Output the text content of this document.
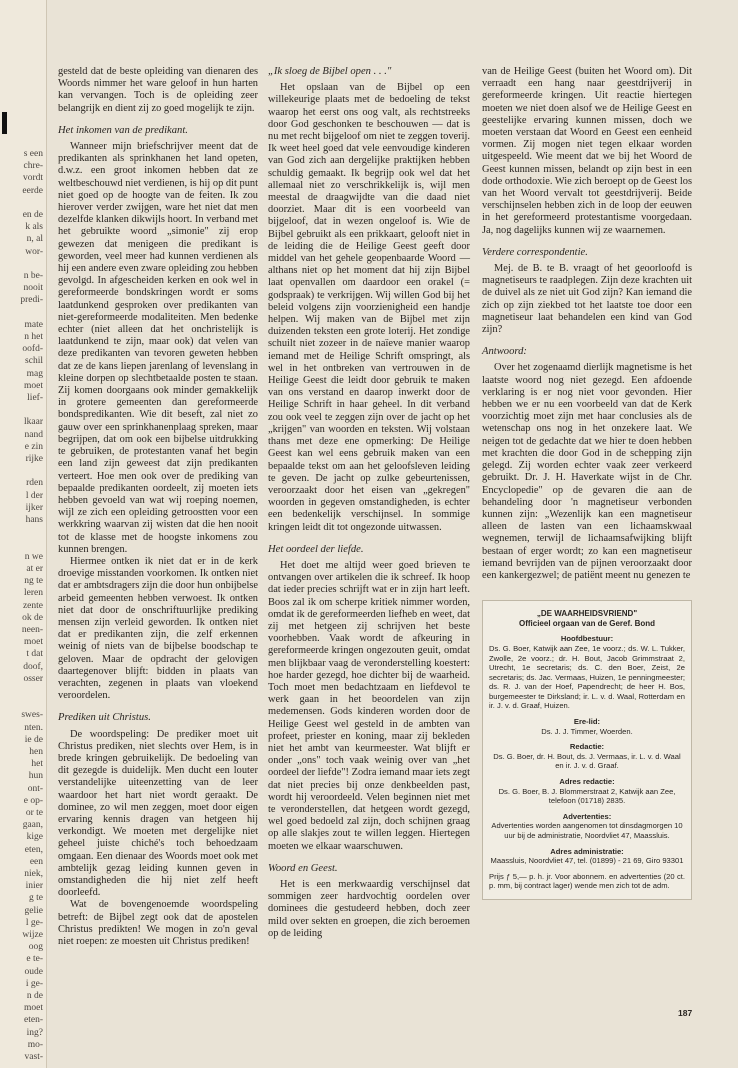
s een
chre-
vordt
eerde

en de
k als
n, al
wor-

n be-
nooit
predi-

mate
n het
oofd-
schil
mag
moet
lief-

lkaar
nand
e zin
rijke

rden
l der
ijker
hans

n we
at er
ng te
leren
zente
ok de
neen-
moet
t dat
doof,
osser

swes-
nten.
ie de
hen
het
hun
ont-
e op-
or te
gaan,
kige
eten,
een
niek,
inier
g te
gelie
l ge-
wijze
oog
e te-
oude
i ge-
n de
moet
eten-
ing?
mo-
vast-

gesteld dat de beste opleiding van dienaren des Woords nimmer het ware geloof in hun harten kan vervangen. Toch is de opleiding zeer belangrijk en dient zij zo goed mogelijk te zijn.

Het inkomen van de predikant.

Wanneer mijn briefschrijver meent dat de predikanten als sprinkhanen het land opeten, d.w.z. een groot inkomen hebben dat ze weltbeschouwd niet verdienen, is hij op dit punt niet goed op de hoogte van de feiten. Ik zou hierover verder zwijgen, ware het niet dat men dezelfde klanken dikwijls hoort. In verband met het gebruikte woord „simonie" zij erop gewezen dat menigeen die predikant is geworden, veel meer had kunnen verdienen als hij een andere even zware opleiding zou hebben gevolgd. In afgescheiden kerken en ook wel in gereformeerde bondskringen wordt er soms laatdunkend gesproken over predikanten van niet-gereformeerde modaliteiten. Men bedenke echter (niet alleen dat het onchristelijk is laatdunkend te zijn, maar ook) dat velen van deze predikanten van tevoren geweten hebben dat ze de kans liepen jarenlang of levenslang in kleine dorpen op slechtbetaalde posten te staan. Zij komen doorgaans ook minder gemakkelijk in grotere gemeenten dan gereformeerde bondspredikanten. Wie dit beseft, zal niet zo gauw over een sprinkhanenplaag spreken, maar begrijpen, dat om ook een bijbelse uitdrukking te gebruiken, de protestanten vanaf het begin een land zijn geweest dat zijn predikanten verteert. Hoe men ook over de prediking van bepaalde predikanten oordeelt, zij moeten iets hebben gevoeld van wat wij roeping noemen, wijl ze zich een opleiding getroostten voor een werkkring waarvan zij wisten dat die hen nooit tot de klasse met de hoogste inkomens zou kunnen brengen.

Hiermee ontken ik niet dat er in de kerk droevige misstanden voorkomen. Ik ontken niet dat er ambtsdragers zijn die door hun onbijbelse arbeid gemeenten hebben verwoest. Ik ontken niet dat door de onschriftuurlijke prediking mensen zijn verleid geworden. Ik ontken niet dat er predikanten zijn, die zelf erkennen weinig of niets van de bijbelse boodschap te geloven. Maar de opdracht der gelovigen daartegenover blijft: bidden in plaats van verachten, zegenen in plaats van vloekend veroordelen.

Prediken uit Christus.

De woordspeling: De prediker moet uit Christus prediken, niet slechts over Hem, is in brede kringen gebruikelijk. De bedoeling van dit gezegde is duidelijk. Men ducht een louter verstandelijke uiteenzetting van de leer waardoor het hart niet wordt geraakt. De dominee, zo wil men zeggen, moet door eigen ervaring kennis dragen van hetgeen hij verkondigt. We moeten met dergelijke niet geheel juiste chiché's toch behoedzaam omgaan. Een dienaar des Woords moet ook met ambtelijk gezag leiding kunnen geven in omstandigheden die hij niet zelf heeft doorleefd.

Wat de bovengenoemde woordspeling betreft: de Bijbel zegt ook dat de apostelen Christus predikten! We mogen in zo'n geval niet roepen: ze moesten uit Christus prediken!

„Ik sloeg de Bijbel open . . ."

Het opslaan van de Bijbel op een willekeurige plaats met de bedoeling de tekst waarop het eerst ons oog valt, als rechtstreeks door God geschonken te beschouwen — dat is nu met recht bijgeloof om niet te zeggen toverij. Ik weet heel goed dat vele eenvoudige kinderen van God zich aan dergelijke praktijken hebben schuldig gemaakt. Ik begrijp ook wel dat het allemaal niet zo verschrikkelijk is, wijl men meestal de draagwijdte van die daad niet doorziet. Maar dit is een voorbeeld van bijgeloof, dat in wezen ongeloof is. Wie de Bijbel gebruikt als een prikkaart, gelooft niet in de leiding die de Heilige Geest geeft door middel van het gehele geopenbaarde Woord — althans niet op het moment dat hij zijn Bijbel laat openvallen om daardoor een orakel (= godspraak) te verkrijgen. Wij willen God bij het beleid volgens zijn voorzienigheid een handje helpen. Wij maken van de Bijbel met zijn duizenden teksten een grote loterij. Het zondige schuilt niet zozeer in de naïeve manier waarop iemand met de Heilige Schrift omspringt, als wel in het ontbreken van vertrouwen in de Heilige Geest die leidt door gebruik te maken van ons verstand en daarop inwerkt door de Heilige Schrift in haar geheel. In dit verband zou ook veel te zeggen zijn over de jacht op het „krijgen" van woorden en teksten. Wij volstaan thans met deze ene opmerking: De Heilige Geest kan wel eens gebruik maken van een bepaalde tekst om aan het geloofsleven leiding te geven. De jacht op zulke gebeurtenissen, veroorzaakt door het eisen van „gekregen" woorden in gegeven omstandigheden, is echter een bedenkelijk verschijnsel. In sommige kringen leidt dit tot ongezonde uitwassen.

Het oordeel der liefde.

Het doet me altijd weer goed brieven te ontvangen over artikelen die ik schreef. Ik hoop dat ieder precies schrijft wat er in zijn hart leeft. Boos zal ik om scherpe kritiek nimmer worden, omdat ik de gereformeerden liefheb en weet, dat zij met hetgeen zij schrijven het beste voorhebben. Vaak wordt de afkeuring in gereformeerde kringen ongezouten geuit, omdat men blijkbaar vaag de veronderstelling koestert: hoe harder gezegd, hoe dichter bij de waarheid. Toch moet men bedachtzaam en liefdevol te werk gaan in het beoordelen van zijn medemensen. Gods kinderen worden door de Heilige Geest wel gesteld in de ambten van profeet, priester en koning, maar zij bekleden niet het ambt van keurmeester. Wat blijft er onder „ons" toch vaak weinig over van „het oordeel der liefde"! Zodra iemand maar iets zegt dat niet precies bij onze denkbeelden past, wordt hij veroordeeld. Velen beginnen niet met te veronderstellen, dat hetgeen wordt gezegd, wel goed bedoeld zal zijn, doch schijnen graag op alle slakjes zout te willen leggen. Hiertegen moeten we elkaar waarschuwen.

Woord en Geest.

Het is een merkwaardig verschijnsel dat sommigen zeer hardvochtig oordelen over dominees die gestudeerd hebben, doch zeer mild over sekten en groepen, die zich beroemen op de leiding

van de Heilige Geest (buiten het Woord om). Dit verraadt een hang naar geestdrijverij in gereformeerde kringen. Uit reactie hiertegen moeten we niet doen alsof we de Heilige Geest en geestelijke ervaring kunnen missen, doch we moeten verstaan dat Woord en Geest een eenheid vormen. Zij mogen niet tegen elkaar worden uitgespeeld. Wie meent dat we bij het Woord de Geest kunnen missen, belandt op zijn best in een dode orthodoxie. Wie zich beroept op de Geest los van het Woord vervalt tot geestdrijverij. Beide verschijnselen hebben zich in de loop der eeuwen in het gereformeerd protestantisme voorgedaan. Ja, nog dagelijks kunnen wij ze waarnemen.

Verdere correspondentie.

Mej. de B. te B. vraagt of het geoorloofd is magnetiseurs te raadplegen. Zijn deze krachten uit de duivel als ze niet uit God zijn? Kan iemand die zich op zijn ziekbed tot het laatste toe door een magnetiseur laat behandelen een kind van God zijn?

Antwoord:

Over het zogenaamd dierlijk magnetisme is het laatste woord nog niet gezegd. Een afdoende verklaring is er nog niet voor gevonden. Hier hebben we er nu een voorbeeld van dat de Kerk voorzichtig moet zijn met haar conclusies als de wetenschap ons nog in het onzekere laat. We neigen tot de gedachte dat we hier te doen hebben met krachten die door God in de schepping zijn gelegd. Zij worden echter vaak zeer verkeerd gebruikt. Dr. J. H. Haverkate wijst in de Chr. Encyclopedie" op de gevaren die aan de behandeling door 'n magnetiseur verbonden kunnen zijn: „Wezenlijk kan een magnetiseur alleen de lasten van een lichaamskwaal wegnemen, terwijl de lichaamsafwijking blijft bestaan of erger wordt; zo kan een magnetiseur iemand bevrijden van de pijnen veroorzaakt door een kankergezwel; de patiënt meent nu genezen te

„DE WAARHEIDSVRIEND"
Officieel orgaan van de Geref. Bond
Hoofdbestuur:
Ds. G. Boer, Katwijk aan Zee, 1e voorz.; ds. W. L. Tukker, Zwolle, 2e voorz.; dr. H. Bout, Jacob Grimmstraat 2, Utrecht, 1e secretaris; ds. C. den Boer, Zeist, 2e secretaris; ds. Jac. Vermaas, Huizen, 1e penningmeester; ds. R. J. van der Hoef, Papendrecht; de heer H. Bos, burgemeester te Dirksland; ir. L. v. d. Waal, Rotterdam en ir. J. v. d. Graaf, Huizen.
Ere-lid:
Ds. J. J. Timmer, Woerden.
Redactie:
Ds. G. Boer, dr. H. Bout, ds. J. Vermaas, ir. L. v. d. Waal en ir. J. v. d. Graaf.
Adres redactie:
Ds. G. Boer, B. J. Blommerstraat 2, Katwijk aan Zee, telefoon (01718) 2835.
Advertenties:
Advertenties worden aangenomen tot dinsdagmorgen 10 uur bij de administratie, Noordvliet 47, Maassluis.
Adres administratie:
Maassluis, Noordvliet 47, tel. (01899) - 21 69, Giro 93301
Prijs ƒ 5,— p. h. jr. Voor abonnem. en advertenties (20 ct. p. mm, bij contract lager) wende men zich tot de adm.
187
